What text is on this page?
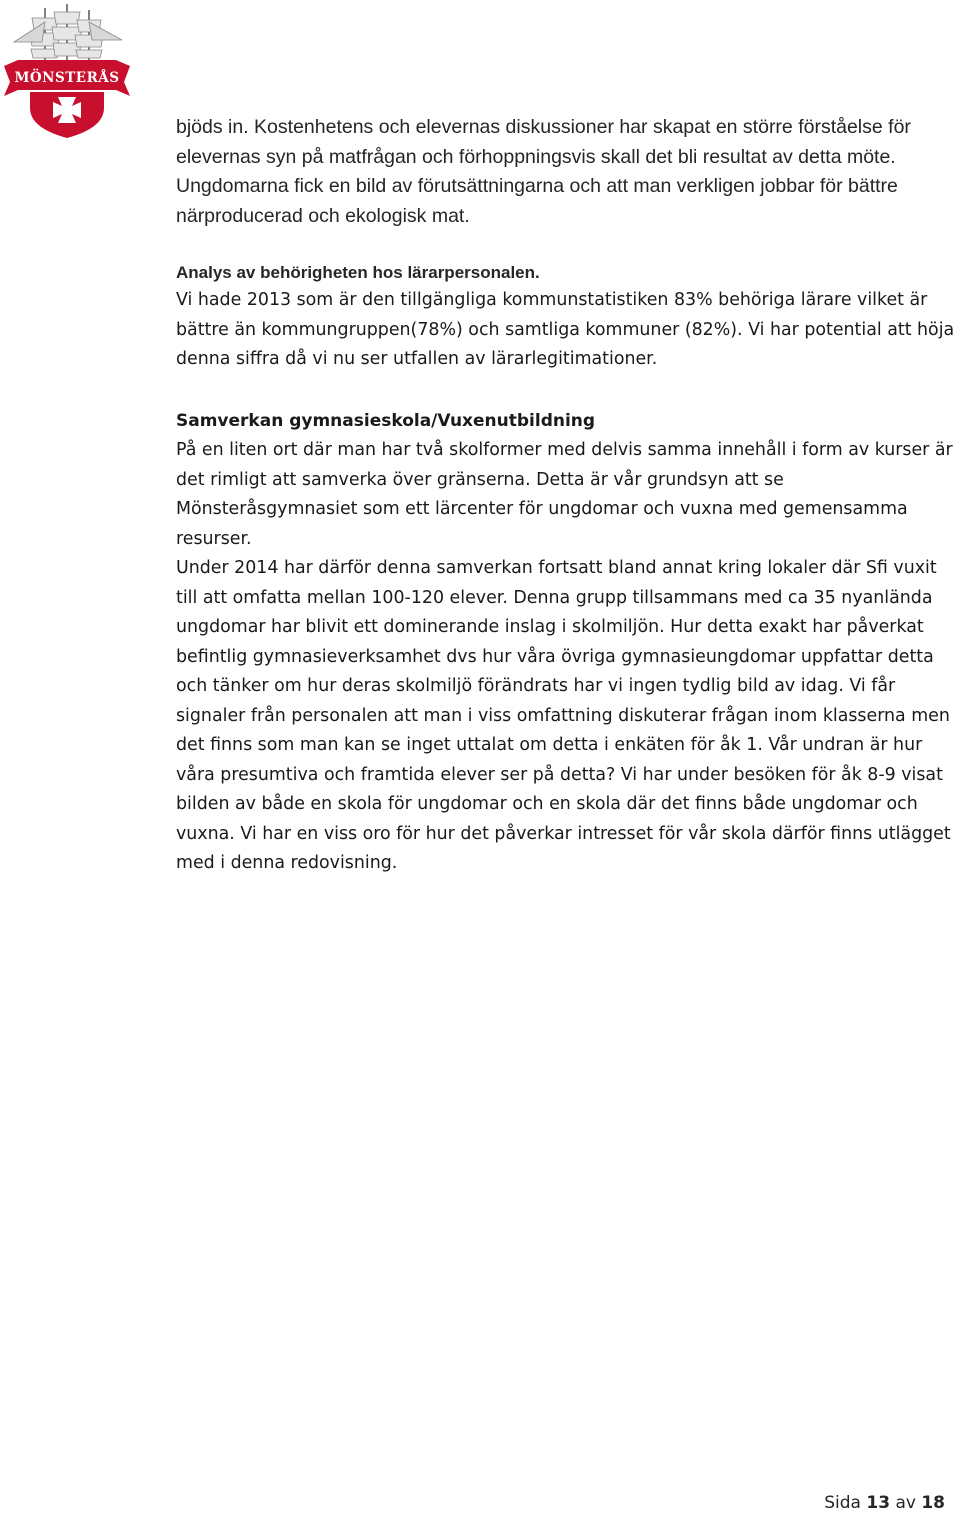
MÖNSTERÅS

bjöds in. Kostenhetens och elevernas diskussioner har skapat en större förståelse för elevernas syn på matfrågan och förhoppningsvis skall det bli resultat av detta möte. Ungdomarna fick en bild av förutsättningarna och att man verkligen jobbar för bättre närproducerad och ekologisk mat.

Analys av behörigheten hos lärarpersonalen.

Vi hade 2013 som är den tillgängliga kommunstatistiken 83% behöriga lärare vilket är bättre än kommungruppen(78%) och samtliga kommuner (82%). Vi har potential att höja denna siffra då vi nu ser utfallen av lärarlegitimationer.

Samverkan gymnasieskola/Vuxenutbildning

På en liten ort där man har två skolformer med delvis samma innehåll i form av kurser är det rimligt att samverka över gränserna. Detta är vår grundsyn att se Mönsteråsgymnasiet som ett lärcenter för ungdomar och vuxna med gemensamma resurser.

Under 2014 har därför denna samverkan fortsatt bland annat kring lokaler där Sfi vuxit till att omfatta mellan 100-120 elever. Denna grupp tillsammans med ca 35 nyanlända ungdomar har blivit ett dominerande inslag i skolmiljön. Hur detta exakt har påverkat befintlig gymnasieverksamhet dvs hur våra övriga gymnasieungdomar uppfattar detta och tänker om hur deras skolmiljö förändrats har vi ingen tydlig bild av idag. Vi får signaler från personalen att man i viss omfattning diskuterar frågan inom klasserna men det finns som man kan se inget uttalat om detta i enkäten för åk 1. Vår undran är hur våra presumtiva och framtida elever ser på detta? Vi har under besöken för åk 8-9 visat bilden av både en skola för ungdomar och en skola där det finns både ungdomar och vuxna. Vi har en viss oro för hur det påverkar intresset för vår skola därför finns utlägget med i denna redovisning.

Sida 13 av 18
